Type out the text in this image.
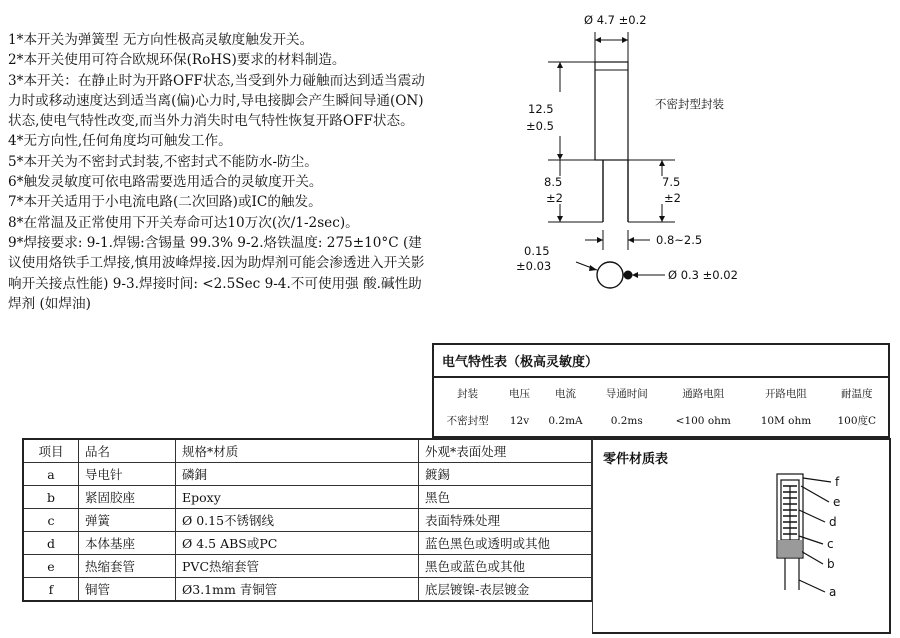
1*本开关为弹簧型 无方向性极高灵敏度触发开关。

2*本开关使用可符合欧规环保(RoHS)要求的材料制造。

3*本开关：在静止时为开路OFF状态,当受到外力碰触而达到适当震动力时或移动速度达到适当离(偏)心力时,导电接脚会产生瞬间导通(ON)状态,使电气特性改变,而当外力消失时电气特性恢复开路OFF状态。

4*无方向性,任何角度均可触发工作。

5*本开关为不密封式封装,不密封式不能防水-防尘。

6*触发灵敏度可依电路需要选用适合的灵敏度开关。

7*本开关适用于小电流电路(二次回路)或IC的触发。

8*在常温及正常使用下开关寿命可达10万次(次/1-2sec)。

9*焊接要求: 9-1.焊锡:含锡量 99.3% 9-2.烙铁温度: 275±10°C (建议使用烙铁手工焊接,慎用波峰焊接.因为助焊剂可能会渗透进入开关影响开关接点性能) 9-3.焊接时间: <2.5Sec 9-4.不可使用强 酸.碱性助焊剂 (如焊油)

Ø 4.7 ±0.2
12.5
±0.5
不密封型封装
8.5
±2
7.5
±2
0.8~2.5
0.15
±0.03
Ø 0.3 ±0.02
电气特性表（极高灵敏度）						
封装	电压	电流	导通时间	通路电阻	开路电阻	耐温度
不密封型	12v	0.2mA	0.2ms	<100 ohm	10M ohm	100度C
项目	品名	规格*材质	外观*表面处理
a	导电针	磷銅	鍍錫
b	紧固胶座	Epoxy	黑色
c	弹簧	Ø 0.15不锈钢线	表面特殊处理
d	本体基座	Ø 4.5 ABS或PC	蓝色黑色或透明或其他
e	热缩套管	PVC热缩套管	黑色或蓝色或其他
f	铜管	Ø3.1mm 青铜管	底层镀镍-表层镀金
零件材质表
f
e
d
c
b
a
